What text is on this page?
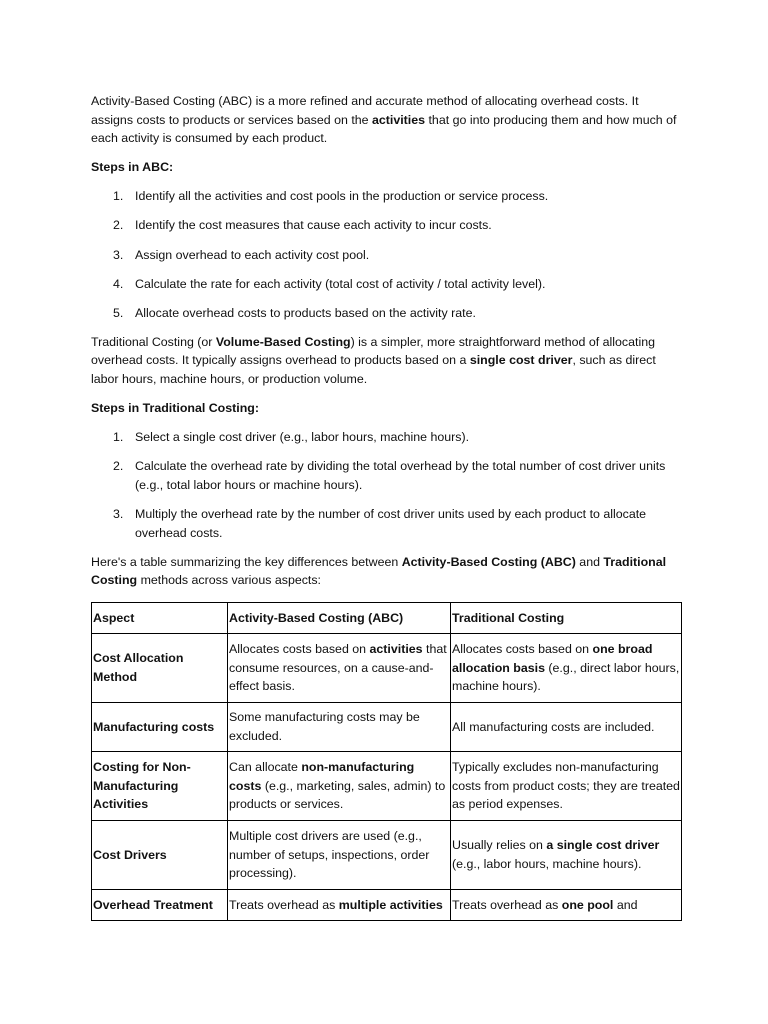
Activity-Based Costing (ABC) is a more refined and accurate method of allocating overhead costs. It assigns costs to products or services based on the activities that go into producing them and how much of each activity is consumed by each product.

Steps in ABC:

1. Identify all the activities and cost pools in the production or service process.
2. Identify the cost measures that cause each activity to incur costs.
3. Assign overhead to each activity cost pool.
4. Calculate the rate for each activity (total cost of activity / total activity level).
5. Allocate overhead costs to products based on the activity rate.

Traditional Costing (or Volume-Based Costing) is a simpler, more straightforward method of allocating overhead costs. It typically assigns overhead to products based on a single cost driver, such as direct labor hours, machine hours, or production volume.

Steps in Traditional Costing:

1. Select a single cost driver (e.g., labor hours, machine hours).
2. Calculate the overhead rate by dividing the total overhead by the total number of cost driver units (e.g., total labor hours or machine hours).
3. Multiply the overhead rate by the number of cost driver units used by each product to allocate overhead costs.

Here's a table summarizing the key differences between Activity-Based Costing (ABC) and Traditional Costing methods across various aspects:

Aspect	Activity-Based Costing (ABC)	Traditional Costing
Cost Allocation Method	Allocates costs based on activities that consume resources, on a cause-and-effect basis.	Allocates costs based on one broad allocation basis (e.g., direct labor hours, machine hours).
Manufacturing costs	Some manufacturing costs may be excluded.	All manufacturing costs are included.
Costing for Non-Manufacturing Activities	Can allocate non-manufacturing costs (e.g., marketing, sales, admin) to products or services.	Typically excludes non-manufacturing costs from product costs; they are treated as period expenses.
Cost Drivers	Multiple cost drivers are used (e.g., number of setups, inspections, order processing).	Usually relies on a single cost driver (e.g., labor hours, machine hours).
Overhead Treatment	Treats overhead as multiple activities	Treats overhead as one pool and
